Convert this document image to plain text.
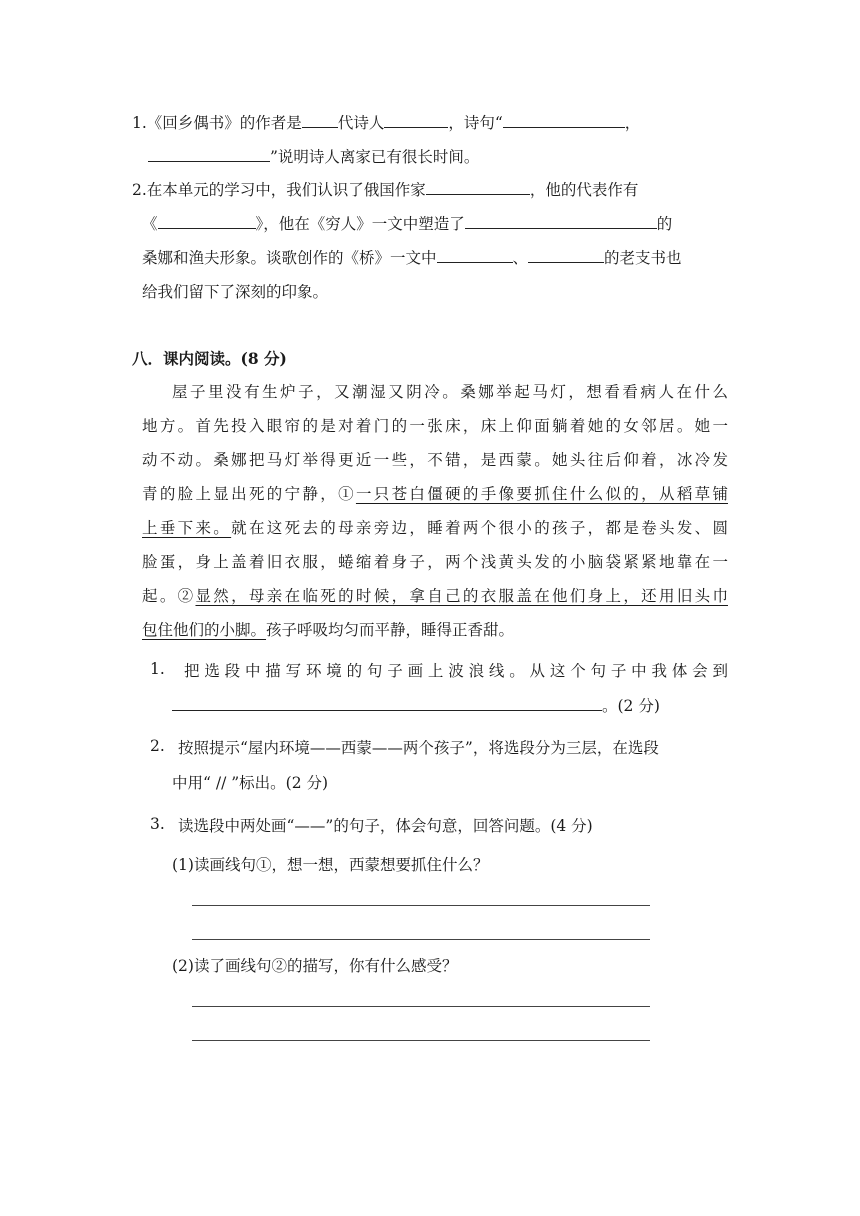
1.《回乡偶书》的作者是 代诗人	，诗句“	，
”说明诗人离家已有很长时间。
2.在本单元的学习中，我们认识了俄国作家	，他的代表作有
《	》，他在《穷人》一文中塑造了	的
桑娜和渔夫形象。谈歌创作的《桥》一文中	、	的老支书也
给我们留下了深刻的印象。
八．课内阅读。(8 分)
屋子里没有生炉子，又潮湿又阴冷。桑娜举起马灯，想看看病人在什么
地方。首先投入眼帘的是对着门的一张床，床上仰面躺着她的女邻居。她一
动不动。桑娜把马灯举得更近一些，不错，是西蒙。她头往后仰着，冰冷发
青的脸上显出死的宁静，①一只苍白僵硬的手像要抓住什么似的，从稻草铺
上垂下来。就在这死去的母亲旁边，睡着两个很小的孩子，都是卷头发、圆
脸蛋，身上盖着旧衣服，蜷缩着身子，两个浅黄头发的小脑袋紧紧地靠在一
起。②显然，母亲在临死的时候，拿自己的衣服盖在他们身上，还用旧头巾
包住他们的小脚。孩子呼吸均匀而平静，睡得正香甜。
1. 把选段中描写环境的句子画上波浪线。从这个句子中我体会到
。(2 分)
2. 按照提示“屋内环境——西蒙——两个孩子”，将选段分为三层，在选段
中用“ // ”标出。(2 分)
3. 读选段中两处画“——”的句子，体会句意，回答问题。(4 分)
(1)读画线句①，想一想，西蒙想要抓住什么？
(2)读了画线句②的描写，你有什么感受？
